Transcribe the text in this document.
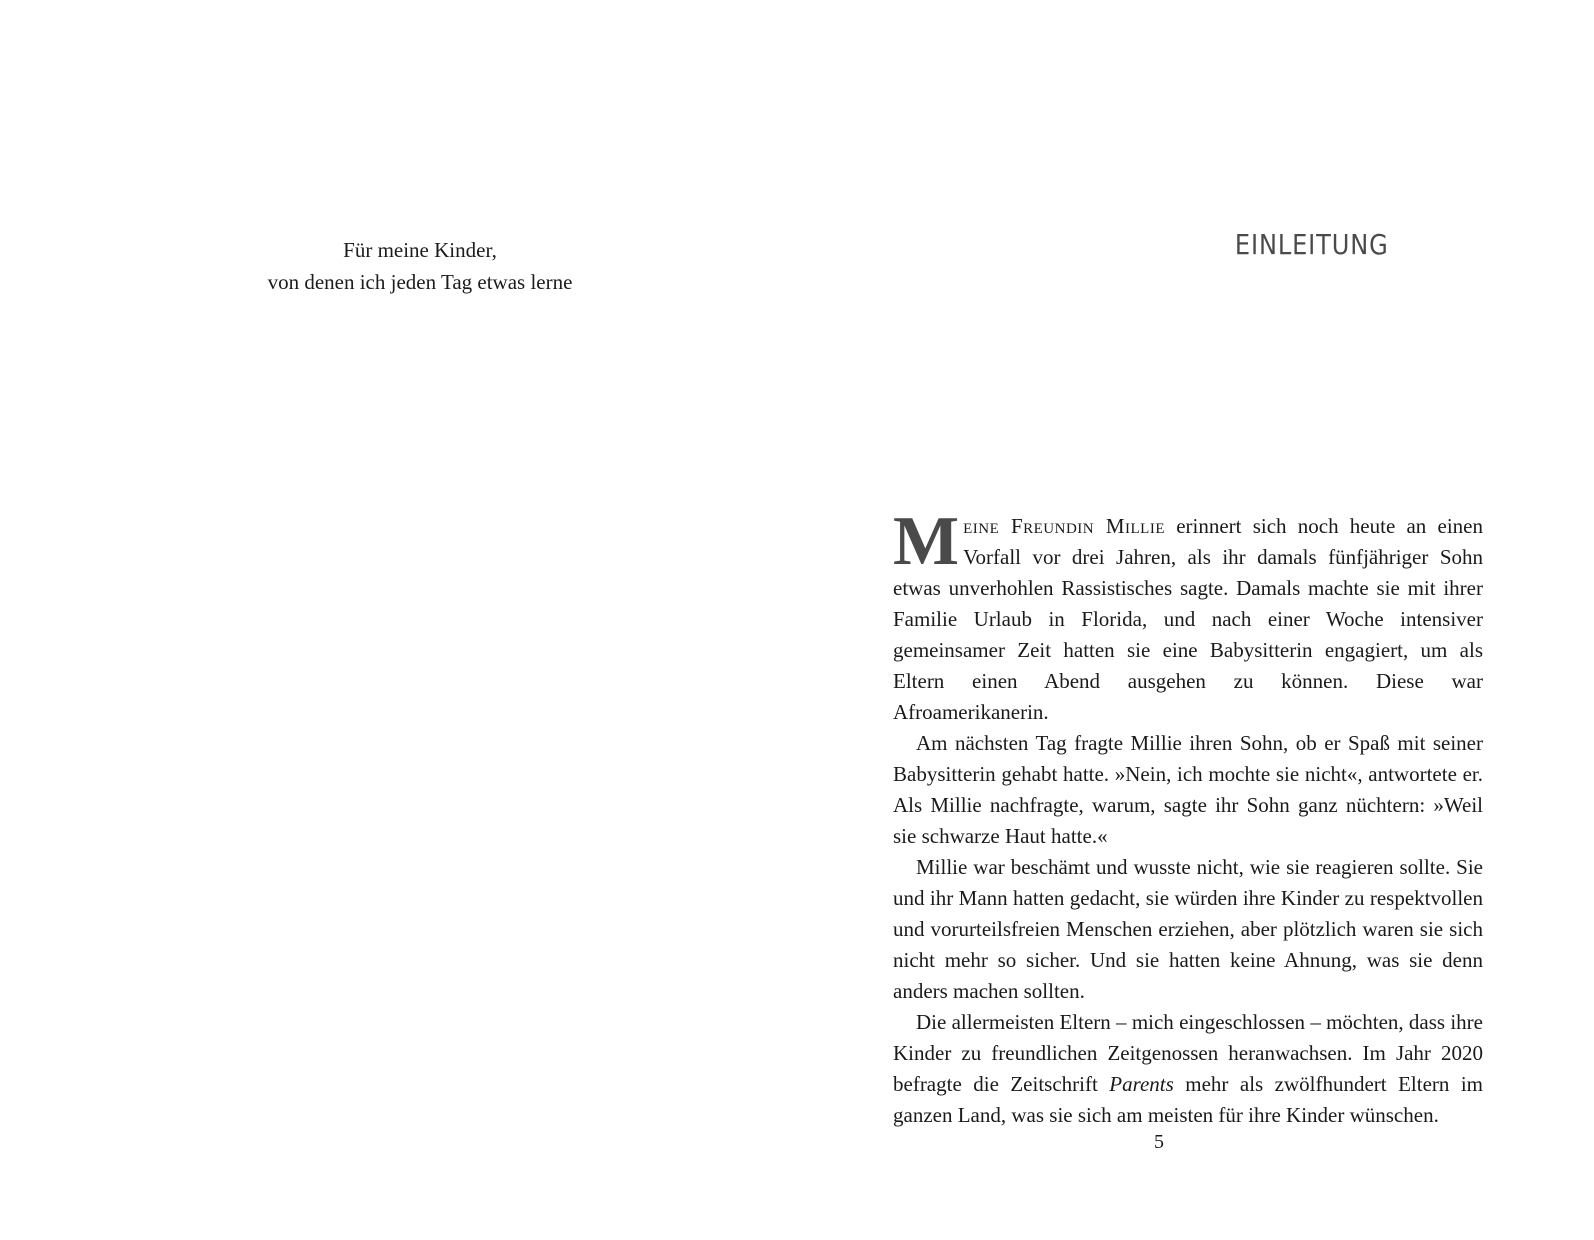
Für meine Kinder,
von denen ich jeden Tag etwas lerne
EINLEITUNG

Meine Freundin Millie erinnert sich noch heute an einen Vorfall vor drei Jahren, als ihr damals fünfjähriger Sohn etwas unverhohlen Rassistisches sagte. Damals machte sie mit ihrer Familie Urlaub in Florida, und nach einer Woche intensiver gemeinsamer Zeit hatten sie eine Babysitterin engagiert, um als Eltern einen Abend ausgehen zu können. Diese war Afroamerikanerin.

Am nächsten Tag fragte Millie ihren Sohn, ob er Spaß mit seiner Babysitterin gehabt hatte. »Nein, ich mochte sie nicht«, antwortete er. Als Millie nachfragte, warum, sagte ihr Sohn ganz nüchtern: »Weil sie schwarze Haut hatte.«

Millie war beschämt und wusste nicht, wie sie reagieren sollte. Sie und ihr Mann hatten gedacht, sie würden ihre Kinder zu respektvollen und vorurteilsfreien Menschen erziehen, aber plötzlich waren sie sich nicht mehr so sicher. Und sie hatten keine Ahnung, was sie denn anders machen sollten.

Die allermeisten Eltern – mich eingeschlossen – möchten, dass ihre Kinder zu freundlichen Zeitgenossen heranwachsen. Im Jahr 2020 befragte die Zeitschrift Parents mehr als zwölfhundert Eltern im ganzen Land, was sie sich am meisten für ihre Kinder wünschen.

5
